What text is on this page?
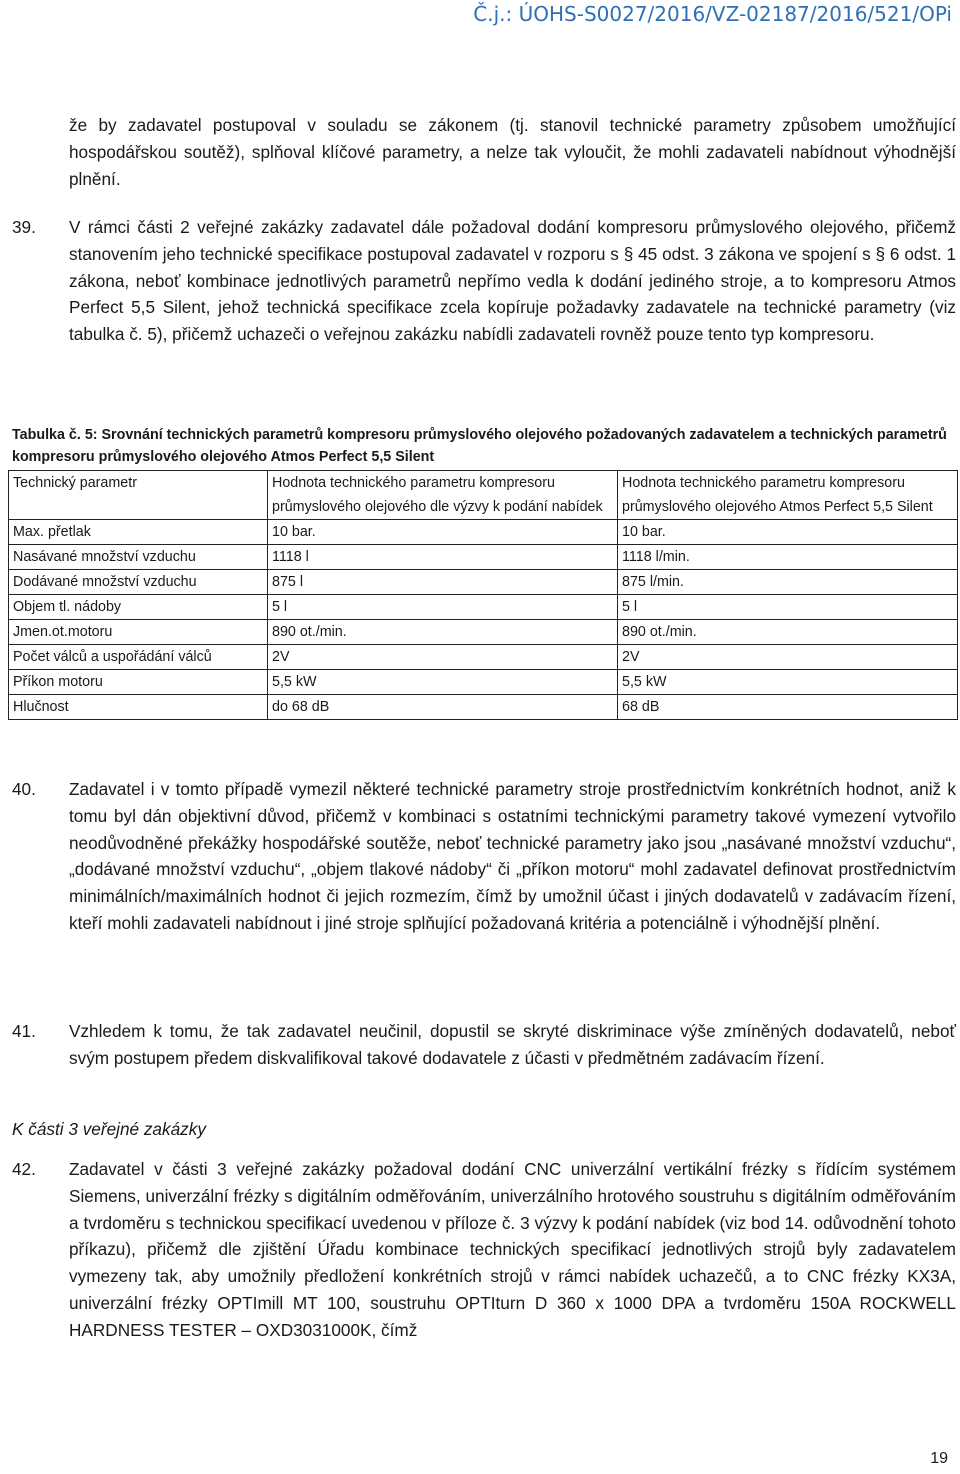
Č.j.: ÚOHS-S0027/2016/VZ-02187/2016/521/OPi
že by zadavatel postupoval v souladu se zákonem (tj. stanovil technické parametry způsobem umožňující hospodářskou soutěž), splňoval klíčové parametry, a nelze tak vyloučit, že mohli zadavateli nabídnout výhodnější plnění.
39.	V rámci části 2 veřejné zakázky zadavatel dále požadoval dodání kompresoru průmyslového olejového, přičemž stanovením jeho technické specifikace postupoval zadavatel v rozporu s § 45 odst. 3 zákona ve spojení s § 6 odst. 1 zákona, neboť kombinace jednotlivých parametrů nepřímo vedla k dodání jediného stroje, a to kompresoru Atmos Perfect 5,5 Silent, jehož technická specifikace zcela kopíruje požadavky zadavatele na technické parametry (viz tabulka č. 5), přičemž uchazeči o veřejnou zakázku nabídli zadavateli rovněž pouze tento typ kompresoru.
Tabulka č. 5: Srovnání technických parametrů kompresoru průmyslového olejového požadovaných zadavatelem a technických parametrů kompresoru průmyslového olejového Atmos Perfect 5,5 Silent
Technický parametr	Hodnota technického parametru kompresoru průmyslového olejového dle výzvy k podání nabídek	Hodnota technického parametru kompresoru průmyslového olejového Atmos Perfect 5,5 Silent
Max. přetlak	10 bar.	10 bar.
Nasávané množství vzduchu	1118 l	1118 l/min.
Dodávané množství vzduchu	875 l	875 l/min.
Objem tl. nádoby	5 l	5 l
Jmen.ot.motoru	890 ot./min.	890 ot./min.
Počet válců a uspořádání válců	2V	2V
Příkon motoru	5,5 kW	5,5 kW
Hlučnost	do 68 dB	68 dB
40.	Zadavatel i v tomto případě vymezil některé technické parametry stroje prostřednictvím konkrétních hodnot, aniž k tomu byl dán objektivní důvod, přičemž v kombinaci s ostatními technickými parametry takové vymezení vytvořilo neodůvodněné překážky hospodářské soutěže, neboť technické parametry jako jsou „nasávané množství vzduchu“, „dodávané množství vzduchu“, „objem tlakové nádoby“ či „příkon motoru“ mohl zadavatel definovat prostřednictvím minimálních/maximálních hodnot či jejich rozmezím, čímž by umožnil účast i jiných dodavatelů v zadávacím řízení, kteří mohli zadavateli nabídnout i jiné stroje splňující požadovaná kritéria a potenciálně i výhodnější plnění.
41.	Vzhledem k tomu, že tak zadavatel neučinil, dopustil se skryté diskriminace výše zmíněných dodavatelů, neboť svým postupem předem diskvalifikoval takové dodavatele z účasti v předmětném zadávacím řízení.
K části 3 veřejné zakázky
42.	Zadavatel v části 3 veřejné zakázky požadoval dodání CNC univerzální vertikální frézky s řídícím systémem Siemens, univerzální frézky s digitálním odměřováním, univerzálního hrotového soustruhu s digitálním odměřováním a tvrdoměru s technickou specifikací uvedenou v příloze č. 3 výzvy k podání nabídek (viz bod 14. odůvodnění tohoto příkazu), přičemž dle zjištění Úřadu kombinace technických specifikací jednotlivých strojů byly zadavatelem vymezeny tak, aby umožnily předložení konkrétních strojů v rámci nabídek uchazečů, a to CNC frézky KX3A, univerzální frézky OPTImill MT 100, soustruhu OPTIturn D 360 x 1000 DPA a tvrdoměru 150A ROCKWELL HARDNESS TESTER – OXD3031000K, čímž
19
